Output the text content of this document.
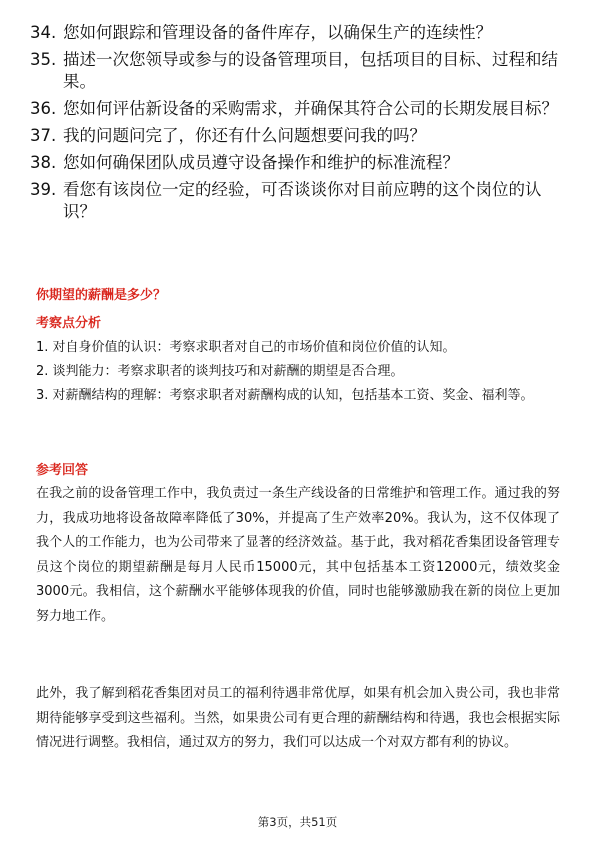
34. 您如何跟踪和管理设备的备件库存，以确保生产的连续性？
35. 描述一次您领导或参与的设备管理项目，包括项目的目标、过程和结果。
36. 您如何评估新设备的采购需求，并确保其符合公司的长期发展目标？
37. 我的问题问完了，你还有什么问题想要问我的吗？
38. 您如何确保团队成员遵守设备操作和维护的标准流程？
39. 看您有该岗位一定的经验，可否谈谈你对目前应聘的这个岗位的认识？
你期望的薪酬是多少？
考察点分析
1. 对自身价值的认识：考察求职者对自己的市场价值和岗位价值的认知。
2. 谈判能力：考察求职者的谈判技巧和对薪酬的期望是否合理。
3. 对薪酬结构的理解：考察求职者对薪酬构成的认知，包括基本工资、奖金、福利等。
参考回答

在我之前的设备管理工作中，我负责过一条生产线设备的日常维护和管理工作。通过我的努力，我成功地将设备故障率降低了30%，并提高了生产效率20%。我认为，这不仅体现了我个人的工作能力，也为公司带来了显著的经济效益。基于此，我对稻花香集团设备管理专员这个岗位的期望薪酬是每月人民币15000元，其中包括基本工资12000元，绩效奖金3000元。我相信，这个薪酬水平能够体现我的价值，同时也能够激励我在新的岗位上更加努力地工作。

此外，我了解到稻花香集团对员工的福利待遇非常优厚，如果有机会加入贵公司，我也非常期待能够享受到这些福利。当然，如果贵公司有更合理的薪酬结构和待遇，我也会根据实际情况进行调整。我相信，通过双方的努力，我们可以达成一个对双方都有利的协议。

第3页，共51页
